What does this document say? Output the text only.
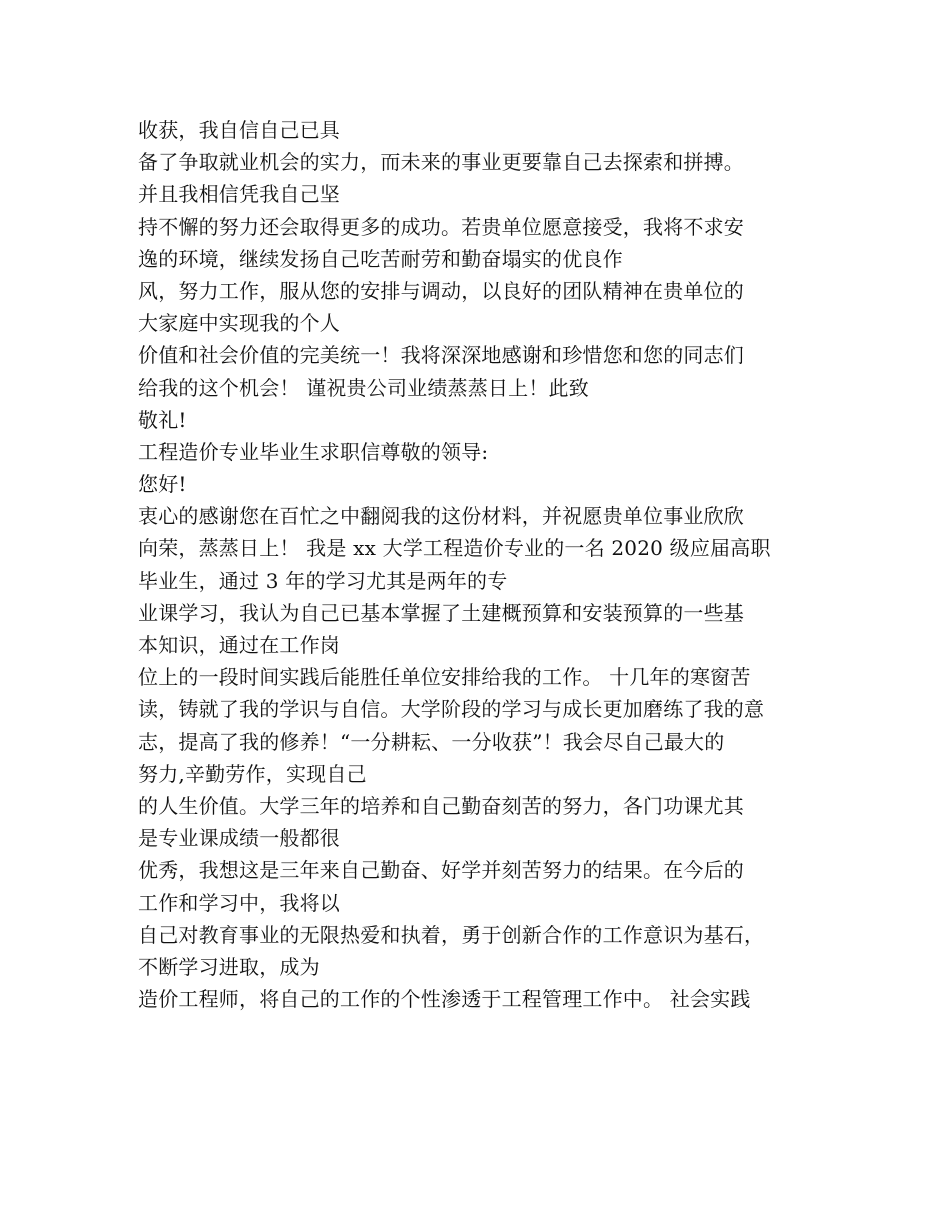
收获，我自信自己已具
备了争取就业机会的实力，而未来的事业更要靠自己去探索和拼搏。
并且我相信凭我自己坚
持不懈的努力还会取得更多的成功。若贵单位愿意接受，我将不求安
逸的环境，继续发扬自己吃苦耐劳和勤奋塌实的优良作
风，努力工作，服从您的安排与调动，以良好的团队精神在贵单位的
大家庭中实现我的个人
价值和社会价值的完美统一！我将深深地感谢和珍惜您和您的同志们
给我的这个机会！ 谨祝贵公司业绩蒸蒸日上！此致
敬礼!
工程造价专业毕业生求职信尊敬的领导:
您好!
衷心的感谢您在百忙之中翻阅我的这份材料，并祝愿贵单位事业欣欣
向荣，蒸蒸日上！ 我是 xx 大学工程造价专业的一名 2020 级应届高职
毕业生，通过 3 年的学习尤其是两年的专
业课学习，我认为自己已基本掌握了土建概预算和安装预算的一些基
本知识，通过在工作岗
位上的一段时间实践后能胜任单位安排给我的工作。 十几年的寒窗苦
读，铸就了我的学识与自信。大学阶段的学习与成长更加磨练了我的意
志，提高了我的修养！“一分耕耘、一分收获”！我会尽自己最大的
努力,辛勤劳作，实现自己
的人生价值。大学三年的培养和自己勤奋刻苦的努力，各门功课尤其
是专业课成绩一般都很
优秀，我想这是三年来自己勤奋、好学并刻苦努力的结果。在今后的
工作和学习中，我将以
自己对教育事业的无限热爱和执着，勇于创新合作的工作意识为基石，
不断学习进取，成为
造价工程师，将自己的工作的个性渗透于工程管理工作中。 社会实践
